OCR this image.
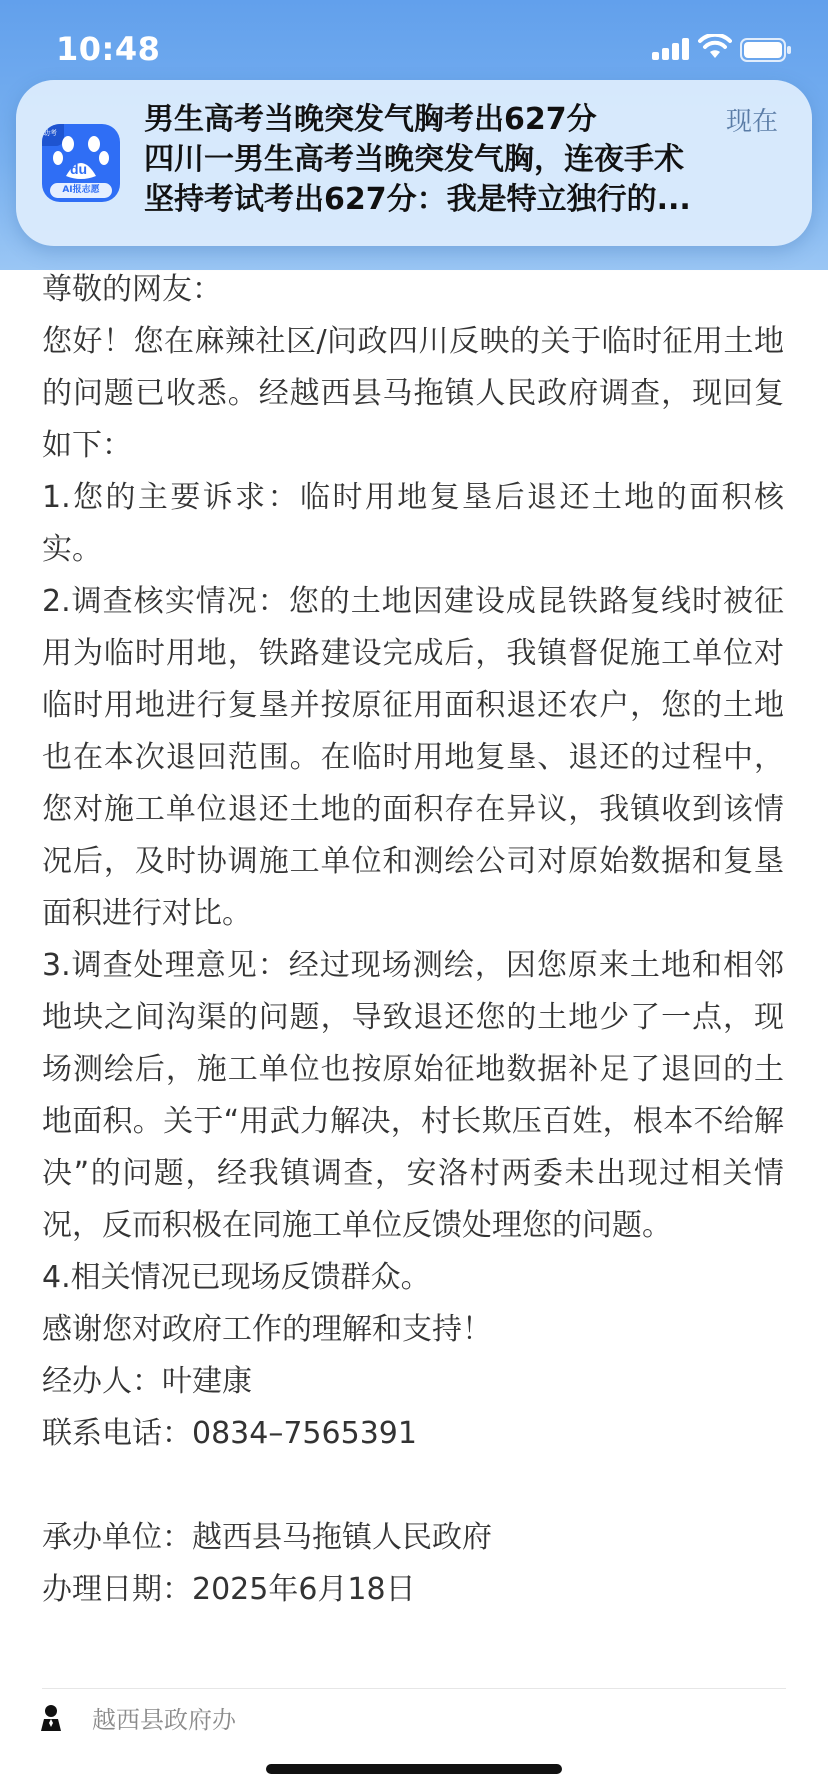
10:48
助考
du
AI报志愿
男生高考当晚突发气胸考出627分	现在
四川一男生高考当晚突发气胸，连夜手术
坚持考试考出627分：我是特立独行的...

尊敬的网友：

您好！您在麻辣社区/问政四川反映的关于临时征用土地的问题已收悉。经越西县马拖镇人民政府调查，现回复如下：

1.您的主要诉求：临时用地复垦后退还土地的面积核实。

2.调查核实情况：您的土地因建设成昆铁路复线时被征用为临时用地，铁路建设完成后，我镇督促施工单位对临时用地进行复垦并按原征用面积退还农户，您的土地也在本次退回范围。在临时用地复垦、退还的过程中，您对施工单位退还土地的面积存在异议，我镇收到该情况后，及时协调施工单位和测绘公司对原始数据和复垦面积进行对比。

3.调查处理意见：经过现场测绘，因您原来土地和相邻地块之间沟渠的问题，导致退还您的土地少了一点，现场测绘后，施工单位也按原始征地数据补足了退回的土地面积。关于“用武力解决，村长欺压百姓，根本不给解决”的问题，经我镇调查，安洛村两委未出现过相关情况，反而积极在同施工单位反馈处理您的问题。

4.相关情况已现场反馈群众。

感谢您对政府工作的理解和支持！

经办人：叶建康

联系电话：0834–7565391

承办单位：越西县马拖镇人民政府

办理日期：2025年6月18日

越西县政府办
